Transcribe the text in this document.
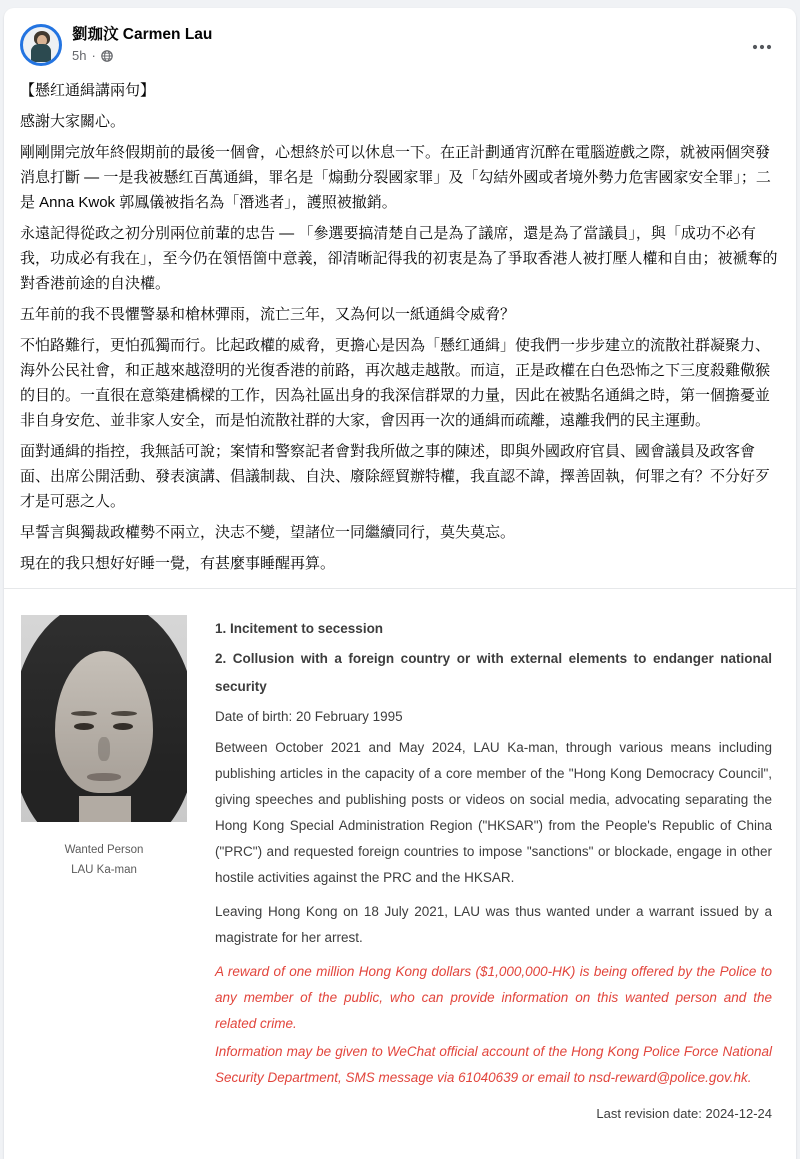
劉珈汶 Carmen Lau
5h ·

【懸红通緝講兩句】

感謝大家關心。

剛剛開完放年終假期前的最後一個會，心想終於可以休息一下。在正計劃通宵沉醉在電腦遊戲之際，就被兩個突發消息打斷 — 一是我被懸红百萬通緝，罪名是「煽動分裂國家罪」及「勾結外國或者境外勢力危害國家安全罪」；二是 Anna Kwok 郭鳳儀被指名為「潛逃者」，護照被撤銷。

永遠記得從政之初分別兩位前輩的忠告 — 「參選要搞清楚自己是為了議席，還是為了當議員」，與「成功不必有我，功成必有我在」，至今仍在領悟箇中意義，卻清晰記得我的初衷是為了爭取香港人被打壓人權和自由；被褫奪的對香港前途的自決權。

五年前的我不畏懼警暴和槍林彈雨，流亡三年，又為何以一紙通緝令威脅？

不怕路難行，更怕孤獨而行。比起政權的威脅，更擔心是因為「懸红通緝」使我們一步步建立的流散社群凝聚力、海外公民社會，和正越來越澄明的光復香港的前路，再次越走越散。而這，正是政權在白色恐怖之下三度殺雞儆猴的目的。一直很在意築建橋樑的工作，因為社區出身的我深信群眾的力量，因此在被點名通緝之時，第一個擔憂並非自身安危、並非家人安全，而是怕流散社群的大家，會因再一次的通緝而疏離，遠離我們的民主運動。

面對通緝的指控，我無話可說；案情和警察記者會對我所做之事的陳述，即與外國政府官員、國會議員及政客會面、出席公開活動、發表演講、倡議制裁、自決、廢除經貿辦特權，我直認不諱，擇善固執，何罪之有？不分好歹才是可惡之人。

早誓言與獨裁政權勢不兩立，決志不變，望諸位一同繼續同行，莫失莫忘。

現在的我只想好好睡一覺，有甚麼事睡醒再算。

Wanted Person
LAU Ka-man

1. Incitement to secession

2. Collusion with a foreign country or with external elements to endanger national security

Date of birth: 20 February 1995

Between October 2021 and May 2024, LAU Ka-man, through various means including publishing articles in the capacity of a core member of the "Hong Kong Democracy Council", giving speeches and publishing posts or videos on social media, advocating separating the Hong Kong Special Administration Region ("HKSAR") from the People's Republic of China ("PRC") and requested foreign countries to impose "sanctions" or blockade, engage in other hostile activities against the PRC and the HKSAR.

Leaving Hong Kong on 18 July 2021, LAU was thus wanted under a warrant issued by a magistrate for her arrest.

A reward of one million Hong Kong dollars ($1,000,000-HK) is being offered by the Police to any member of the public, who can provide information on this wanted person and the related crime.

Information may be given to WeChat official account of the Hong Kong Police Force National Security Department, SMS message via 61040639 or email to nsd-reward@police.gov.hk.

Last revision date: 2024-12-24
